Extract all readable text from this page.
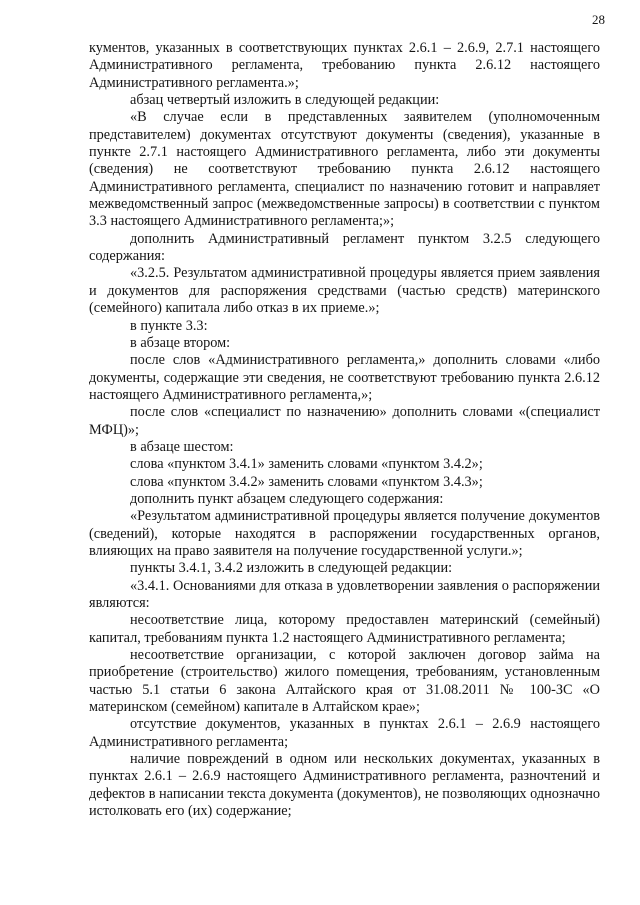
28

кументов, указанных в соответствующих пунктах 2.6.1 – 2.6.9, 2.7.1 настоящего Административного регламента, требованию пункта 2.6.12 настоящего Административного регламента.»;

абзац четвертый изложить в следующей редакции:

«В случае если в представленных заявителем (уполномоченным представителем) документах отсутствуют документы (сведения), указанные в пункте 2.7.1 настоящего Административного регламента, либо эти документы (сведения) не соответствуют требованию пункта 2.6.12 настоящего Административного регламента, специалист по назначению готовит и направляет межведомственный запрос (межведомственные запросы) в соответствии с пунктом 3.3 настоящего Административного регламента;»;

дополнить Административный регламент пунктом 3.2.5 следующего содержания:

«3.2.5. Результатом административной процедуры является прием заявления и документов для распоряжения средствами (частью средств) материнского (семейного) капитала либо отказ в их приеме.»;

в пункте 3.3:

в абзаце втором:

после слов «Административного регламента,» дополнить словами «либо документы, содержащие эти сведения, не соответствуют требованию пункта 2.6.12 настоящего Административного регламента,»;

после слов «специалист по назначению» дополнить словами «(специалист МФЦ)»;

в абзаце шестом:

слова «пунктом 3.4.1» заменить словами «пунктом 3.4.2»;

слова «пунктом 3.4.2» заменить словами «пунктом 3.4.3»;

дополнить пункт абзацем следующего содержания:

«Результатом административной процедуры является получение документов (сведений), которые находятся в распоряжении государственных органов, влияющих на право заявителя на получение государственной услуги.»;

пункты 3.4.1, 3.4.2 изложить в следующей редакции:

«3.4.1. Основаниями для отказа в удовлетворении заявления о распоряжении являются:

несоответствие лица, которому предоставлен материнский (семейный) капитал, требованиям пункта 1.2 настоящего Административного регламента;

несоответствие организации, с которой заключен договор займа на приобретение (строительство) жилого помещения, требованиям, установленным частью 5.1 статьи 6 закона Алтайского края от 31.08.2011 № 100-ЗС «О материнском (семейном) капитале в Алтайском крае»;

отсутствие документов, указанных в пунктах 2.6.1 – 2.6.9 настоящего Административного регламента;

наличие повреждений в одном или нескольких документах, указанных в пунктах 2.6.1 – 2.6.9 настоящего Административного регламента, разночтений и дефектов в написании текста документа (документов), не позволяющих однозначно истолковать его (их) содержание;
